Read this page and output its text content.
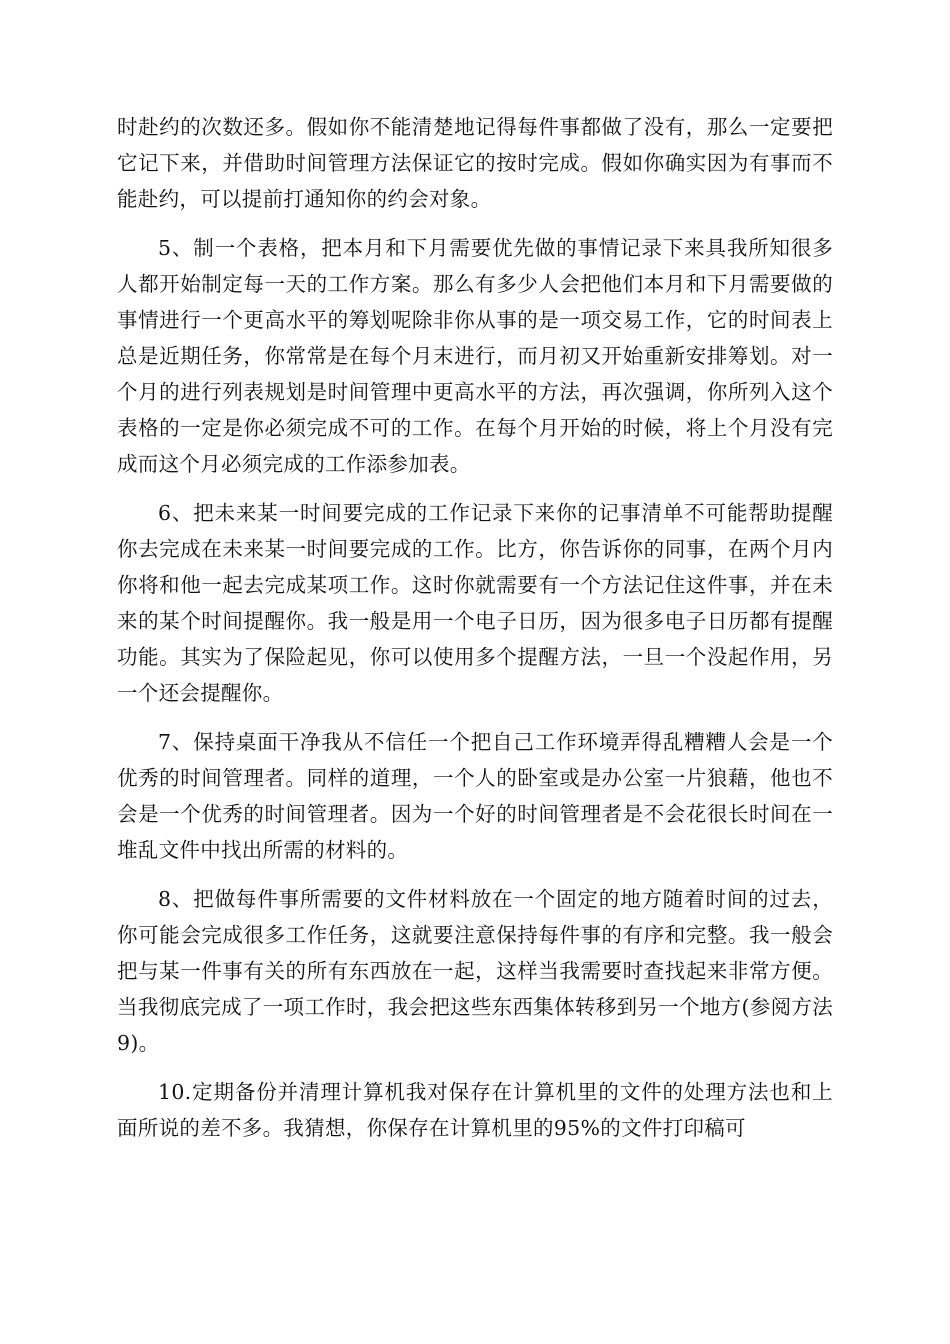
时赴约的次数还多。假如你不能清楚地记得每件事都做了没有，那么一定要把它记下来，并借助时间管理方法保证它的按时完成。假如你确实因为有事而不能赴约，可以提前打通知你的约会对象。

5、制一个表格，把本月和下月需要优先做的事情记录下来具我所知很多人都开始制定每一天的工作方案。那么有多少人会把他们本月和下月需要做的事情进行一个更高水平的筹划呢除非你从事的是一项交易工作，它的时间表上总是近期任务，你常常是在每个月末进行，而月初又开始重新安排筹划。对一个月的进行列表规划是时间管理中更高水平的方法，再次强调，你所列入这个表格的一定是你必须完成不可的工作。在每个月开始的时候，将上个月没有完成而这个月必须完成的工作添参加表。

6、把未来某一时间要完成的工作记录下来你的记事清单不可能帮助提醒你去完成在未来某一时间要完成的工作。比方，你告诉你的同事，在两个月内你将和他一起去完成某项工作。这时你就需要有一个方法记住这件事，并在未来的某个时间提醒你。我一般是用一个电子日历，因为很多电子日历都有提醒功能。其实为了保险起见，你可以使用多个提醒方法，一旦一个没起作用，另一个还会提醒你。

7、保持桌面干净我从不信任一个把自己工作环境弄得乱糟糟人会是一个优秀的时间管理者。同样的道理，一个人的卧室或是办公室一片狼藉，他也不会是一个优秀的时间管理者。因为一个好的时间管理者是不会花很长时间在一堆乱文件中找出所需的材料的。

8、把做每件事所需要的文件材料放在一个固定的地方随着时间的过去，你可能会完成很多工作任务，这就要注意保持每件事的有序和完整。我一般会把与某一件事有关的所有东西放在一起，这样当我需要时查找起来非常方便。当我彻底完成了一项工作时，我会把这些东西集体转移到另一个地方(参阅方法9)。

10.定期备份并清理计算机我对保存在计算机里的文件的处理方法也和上面所说的差不多。我猜想，你保存在计算机里的95%的文件打印稿可
